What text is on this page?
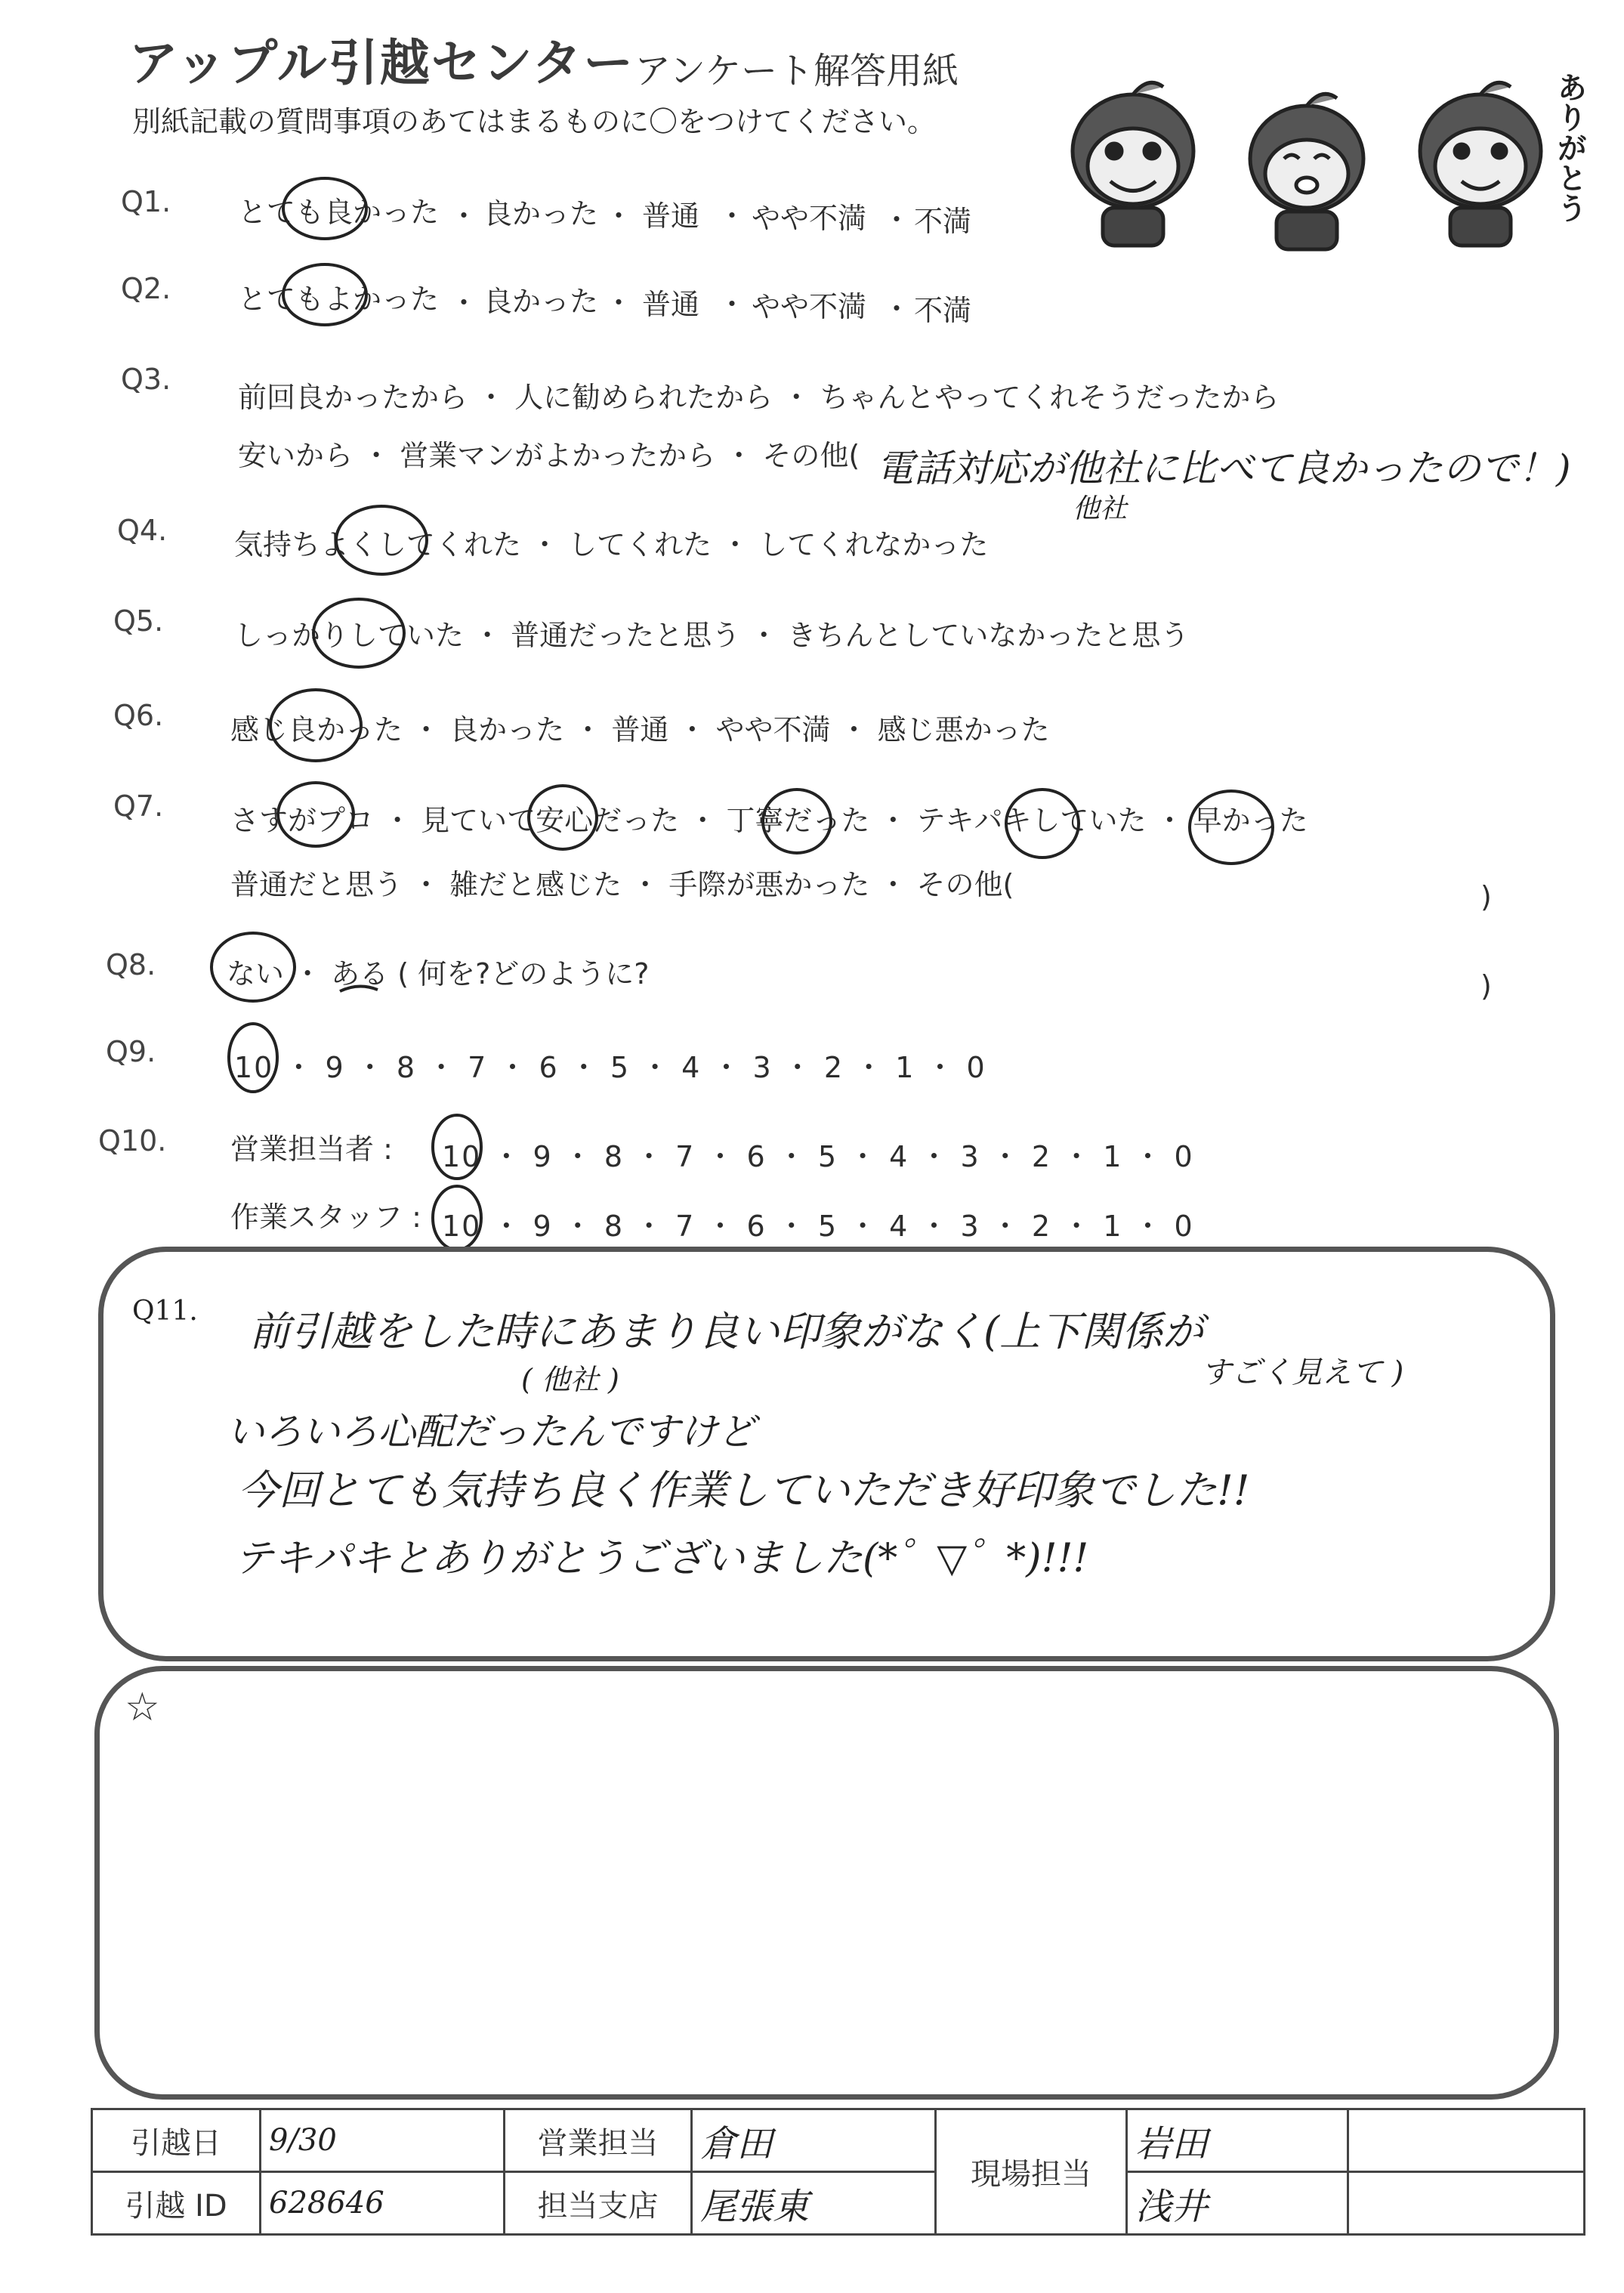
アップル引越センター アンケート解答用紙
別紙記載の質問事項のあてはまるものに〇をつけてください。	ありがとう
Q1. とても良かった ・ 良かった ・ 普通 ・ やや不満 ・ 不満
Q2. とてもよかった ・ 良かった ・ 普通 ・ やや不満 ・ 不満
Q3.
前回良かったから ・ 人に勧められたから ・ ちゃんとやってくれそうだったから
安いから ・ 営業マンがよかったから ・ その他( 電話対応が他社に比べて良かったので！)
他社
Q4. 気持ちよくしてくれた ・ してくれた ・ してくれなかった
Q5. しっかりしていた ・ 普通だったと思う ・ きちんとしていなかったと思う
Q6. 感じ良かった ・ 良かった ・ 普通 ・ やや不満 ・ 感じ悪かった
Q7. さすがプロ ・ 見ていて安心だった ・ 丁寧だった ・ テキパキしていた ・ 早かった
普通だと思う ・ 雑だと感じた ・ 手際が悪かった ・ その他(	)
Q8. ない ・ ある ( 何を?どのように?	)
Q9.	10 ・ 9 ・ 8 ・ 7 ・ 6 ・ 5 ・ 4 ・ 3 ・ 2 ・ 1 ・ 0
Q10. 営業担当者 : 10 ・ 9 ・ 8 ・ 7 ・ 6 ・ 5 ・ 4 ・ 3 ・ 2 ・ 1 ・ 0
作業スタッフ : 10 ・ 9 ・ 8 ・ 7 ・ 6 ・ 5 ・ 4 ・ 3 ・ 2 ・ 1 ・ 0
Q11. 前引越をした時にあまり良い印象がなく(上下関係が
( 他社 )	すごく見えて )
いろいろ心配だったんですけど
今回とても気持ち良く作業していただき好印象でした!!
テキパキとありがとうございました(*゜▽゜*)!!!
☆
引越日	9/30	営業担当	倉田	現場担当	岩田	
引越 ID	628646	担当支店	尾張東		浅井	
